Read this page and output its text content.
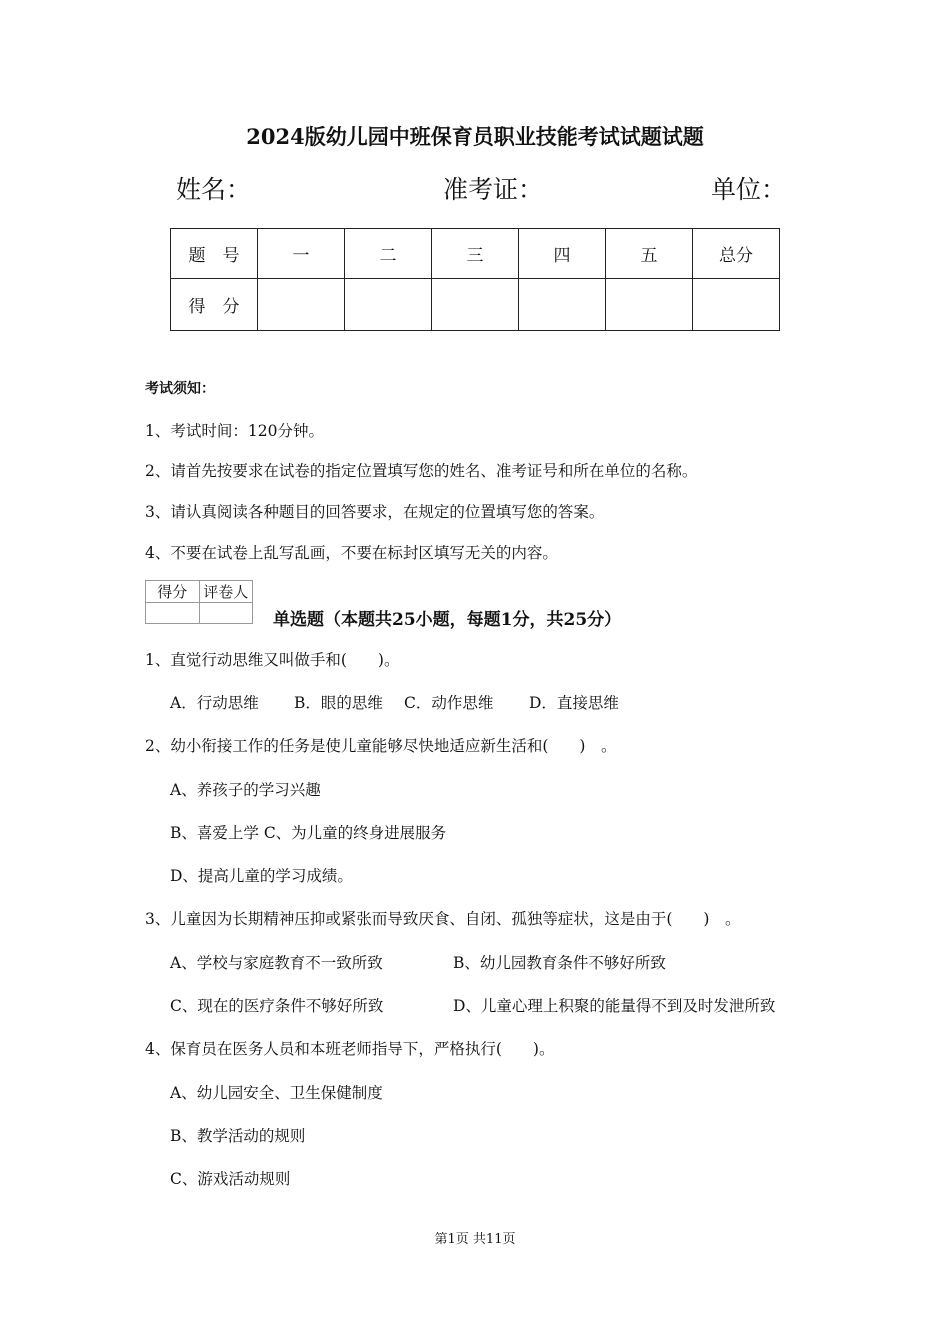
2024版幼儿园中班保育员职业技能考试试题试题
姓名：	准考证：	单位：
题　号	一	二	三	四	五	总分
得　分						
考试须知：
1、考试时间：120分钟。
2、请首先按要求在试卷的指定位置填写您的姓名、准考证号和所在单位的名称。
3、请认真阅读各种题目的回答要求，在规定的位置填写您的答案。
4、不要在试卷上乱写乱画，不要在标封区填写无关的内容。
得分	评卷人

单选题（本题共25小题，每题1分，共25分）
1、直觉行动思维又叫做手和(　　)。
A．行动思维 B．眼的思维 C．动作思维 D．直接思维
2、幼小衔接工作的任务是使儿童能够尽快地适应新生活和(　　)　。
A、养孩子的学习兴趣
B、喜爱上学 C、为儿童的终身进展服务
D、提高儿童的学习成绩。
3、儿童因为长期精神压抑或紧张而导致厌食、自闭、孤独等症状，这是由于(　　)　。
A、学校与家庭教育不一致所致	B、幼儿园教育条件不够好所致
C、现在的医疗条件不够好所致	D、儿童心理上积聚的能量得不到及时发泄所致
4、保育员在医务人员和本班老师指导下，严格执行(　　)。
A、幼儿园安全、卫生保健制度
B、教学活动的规则
C、游戏活动规则
第1页 共11页
